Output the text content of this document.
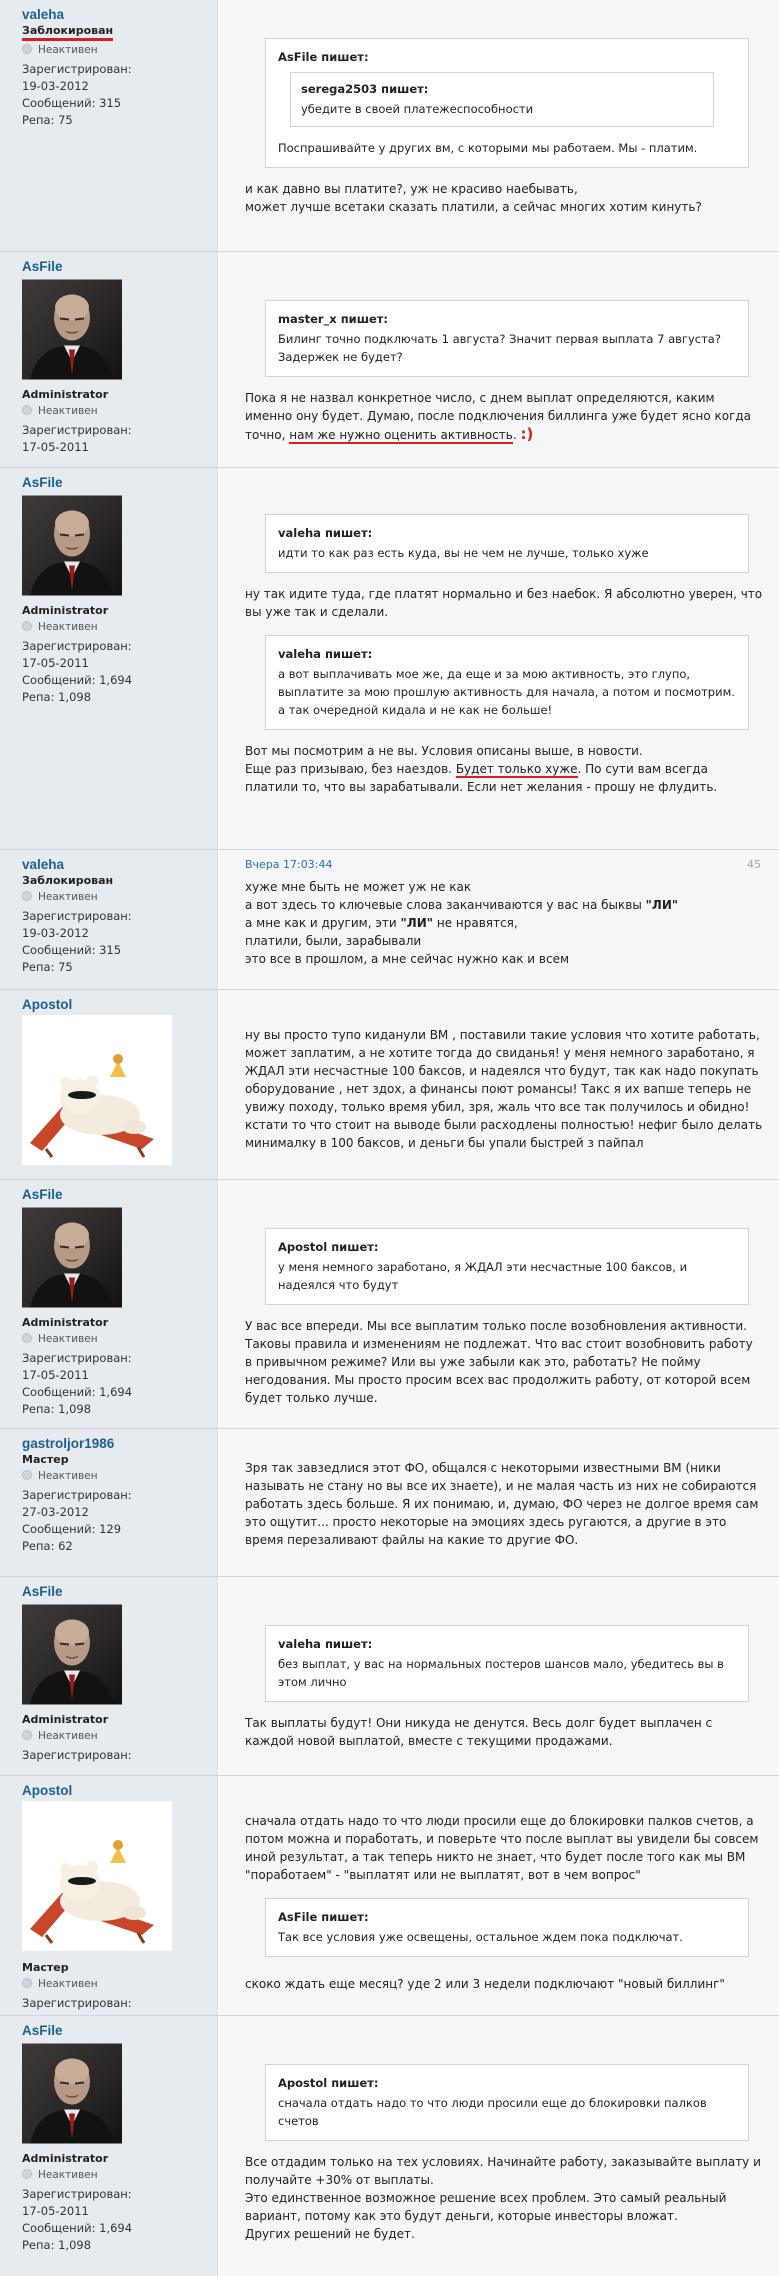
valeha
Заблокирован
Неактивен
Зарегистрирован:
19-03-2012
Сообщений: 315
Репа: 75
AsFile пишет:
serega2503 пишет:
убедите в своей платежеспособности
Поспрашивайте у других вм, с которыми мы работаем. Мы - платим.

и как давно вы платите?, уж не красиво наебывать,

может лучше всетаки сказать платили, а сейчас многих хотим кинуть?

AsFile
Administrator
Неактивен
Зарегистрирован:
17-05-2011
master_x пишет:
Билинг точно подключать 1 августа? Значит первая выплата 7 августа? Задержек не будет?
Пока я не назвал конкретное число, с днем выплат определяются, каким именно ону будет. Думаю, после подключения биллинга уже будет ясно когда точно, нам же нужно оценить активность. :)
AsFile
Administrator
Неактивен
Зарегистрирован:
17-05-2011
Сообщений: 1,694
Репа: 1,098
valeha пишет:
идти то как раз есть куда, вы не чем не лучше, только хуже
ну так идите туда, где платят нормально и без наебок. Я абсолютно уверен, что вы уже так и сделали.
valeha пишет:
а вот выплачивать мое же, да еще и за мою активность, это глупо,
выплатите за мою прошлую активность для начала, а потом и посмотрим.
а так очередной кидала и не как не больше!

Вот мы посмотрим а не вы. Условия описаны выше, в новости.

Еще раз призываю, без наездов. Будет только хуже. По сути вам всегда платили то, что вы зарабатывали. Если нет желания - прошу не флудить.

valeha
Заблокирован
Неактивен
Зарегистрирован:
19-03-2012
Сообщений: 315
Репа: 75
Вчера 17:03:44	45

хуже мне быть не может уж не как

а вот здесь то ключевые слова заканчиваются у вас на быквы "ЛИ"

а мне как и другим, эти "ЛИ" не нравятся,

платили, были, зарабывали

это все в прошлом, а мне сейчас нужно как и всем

Apostol
ну вы просто тупо киданули ВМ , поставили такие условия что хотите работать, может заплатим, а не хотите тогда до свиданья! у меня немного заработано, я ЖДАЛ эти несчастные 100 баксов, и надеялся что будут, так как надо покупать оборудование , нет здох, а финансы поют романсы! Такс я их вапше теперь не увижу походу, только время убил, зря, жаль что все так получилось и обидно! кстати то что стоит на выводе были расходлены полностью! нефиг было делать минималку в 100 баксов, и деньги бы упали быстрей з пайпал
AsFile
Administrator
Неактивен
Зарегистрирован:
17-05-2011
Сообщений: 1,694
Репа: 1,098
Apostol пишет:
у меня немного заработано, я ЖДАЛ эти несчастные 100 баксов, и надеялся что будут
У вас все впереди. Мы все выплатим только после возобновления активности. Таковы правила и изменениям не подлежат. Что вас стоит возобновить работу в привычном режиме? Или вы уже забыли как это, работать? Не пойму негодования. Мы просто просим всех вас продолжить работу, от которой всем будет только лучше.
gastroljor1986
Мастер
Неактивен
Зарегистрирован:
27-03-2012
Сообщений: 129
Репа: 62
Зря так завзедлися этот ФО, общался с некоторыми известными ВМ (ники называть не стану но вы все их знаете), и не малая часть из них не собираются работать здесь больше. Я их понимаю, и, думаю, ФО через не долгое время сам это ощутит... просто некоторые на эмоциях здесь ругаются, а другие в это время перезаливают файлы на какие то другие ФО.
AsFile
Administrator
Неактивен
Зарегистрирован:
valeha пишет:
без выплат, у вас на нормальных постеров шансов мало, убедитесь вы в этом лично
Так выплаты будут! Они никуда не денутся. Весь долг будет выплачен с каждой новой выплатой, вместе с текущими продажами.
Apostol
Мастер
Неактивен
Зарегистрирован:
сначала отдать надо то что люди просили еще до блокировки палков счетов, а потом можна и поработать, и поверьте что после выплат вы увидели бы совсем иной результат, а так теперь никто не знает, что будет после того как мы ВМ "поработаем" - "выплатят или не выплатят, вот в чем вопрос"
AsFile пишет:
Так все условия уже освещены, остальное ждем пока подключат.
скоко ждать еще месяц? уде 2 или 3 недели подключают "новый биллинг"
AsFile
Administrator
Неактивен
Зарегистрирован:
17-05-2011
Сообщений: 1,694
Репа: 1,098
Apostol пишет:
сначала отдать надо то что люди просили еще до блокировки палков счетов

Все отдадим только на тех условиях. Начинайте работу, заказывайте выплату и получайте +30% от выплаты.

Это единственное возможное решение всех проблем. Это самый реальный вариант, потому как это будут деньги, которые инвесторы вложат.

Других решений не будет.
